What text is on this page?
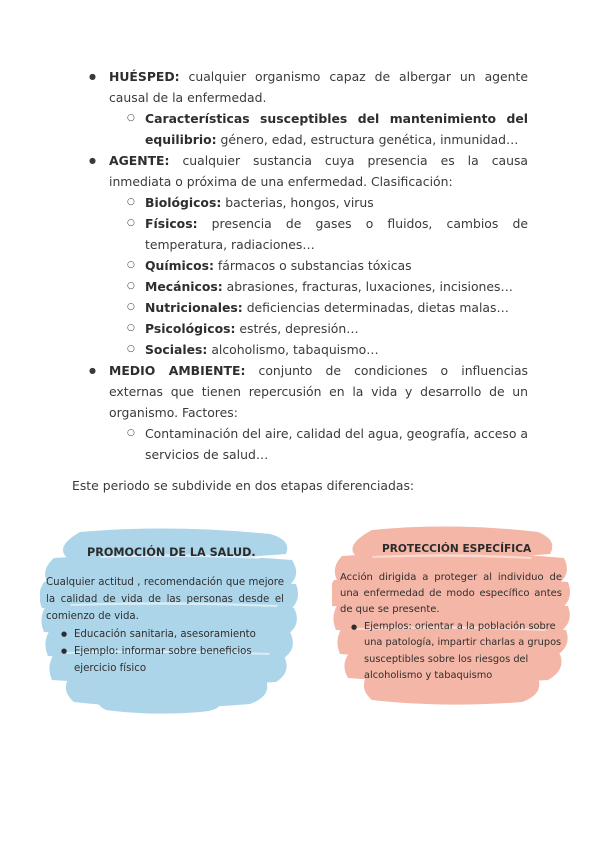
● HUÉSPED: cualquier organismo capaz de albergar un agente causal de la enfermedad.
○ Características susceptibles del mantenimiento del equilibrio: género, edad, estructura genética, inmunidad…
● AGENTE: cualquier sustancia cuya presencia es la causa inmediata o próxima de una enfermedad. Clasificación:
○ Biológicos: bacterias, hongos, virus
○ Físicos: presencia de gases o fluidos, cambios de temperatura, radiaciones…
○ Químicos: fármacos o substancias tóxicas
○ Mecánicos: abrasiones, fracturas, luxaciones, incisiones…
○ Nutricionales: deficiencias determinadas, dietas malas…
○ Psicológicos: estrés, depresión…
○ Sociales: alcoholismo, tabaquismo…
● MEDIO AMBIENTE: conjunto de condiciones o influencias externas que tienen repercusión en la vida y desarrollo de un organismo. Factores:
○ Contaminación del aire, calidad del agua, geografía, acceso a servicios de salud…
Este periodo se subdivide en dos etapas diferenciadas:
PROMOCIÓN DE LA SALUD.
Cualquier actitud , recomendación que mejore la calidad de vida de las personas desde el comienzo de vida.
● Educación sanitaria, asesoramiento
● Ejemplo: informar sobre beneficios ejercicio físico
PROTECCIÓN ESPECÍFICA
Acción dirigida a proteger al individuo de una enfermedad de modo específico antes de que se presente.
● Ejemplos: orientar a la población sobre una patología, impartir charlas a grupos susceptibles sobre los riesgos del alcoholismo y tabaquismo
